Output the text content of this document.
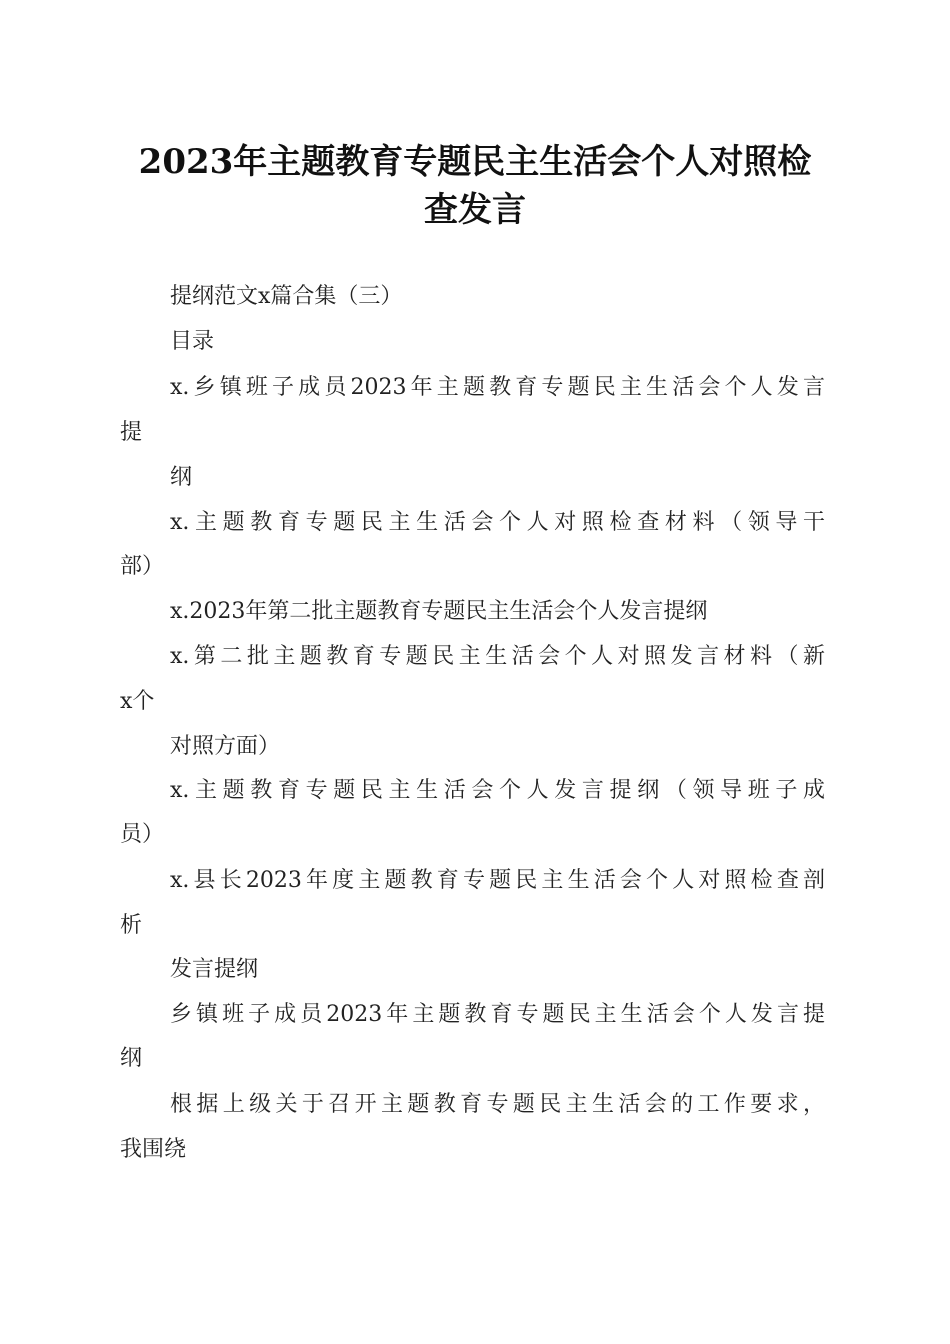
2023年主题教育专题民主生活会个人对照检
查发言
提纲范文x篇合集（三）
目录
x.乡镇班子成员2023年主题教育专题民主生活会个人发言
提
纲
x.主题教育专题民主生活会个人对照检查材料（领导干
部）
x.2023年第二批主题教育专题民主生活会个人发言提纲
x.第二批主题教育专题民主生活会个人对照发言材料（新
x个
对照方面）
x.主题教育专题民主生活会个人发言提纲（领导班子成
员）
x.县长2023年度主题教育专题民主生活会个人对照检查剖
析
发言提纲
乡镇班子成员2023年主题教育专题民主生活会个人发言提
纲
根据上级关于召开主题教育专题民主生活会的工作要求，
我围绕
